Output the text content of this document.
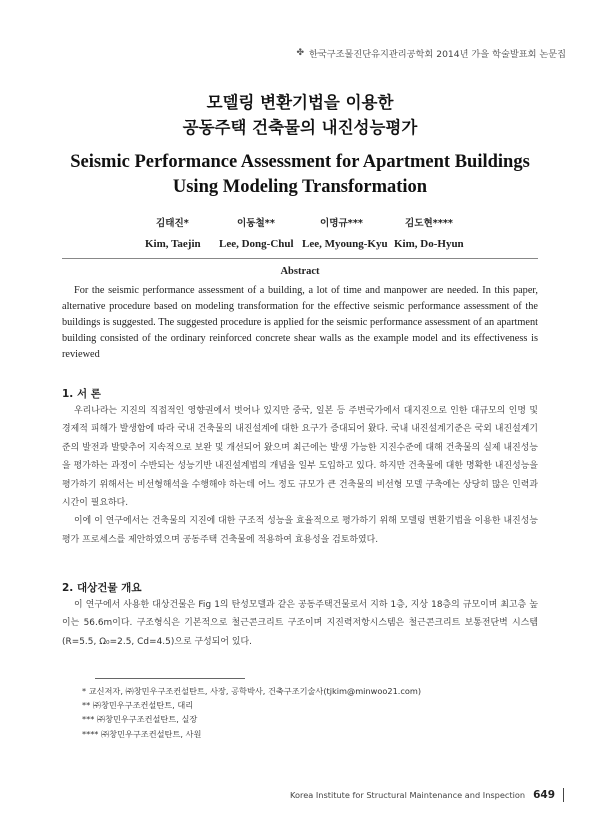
✤ 한국구조물진단유지관리공학회 2014년 가을 학술발표회 논문집
모델링 변환기법을 이용한
공동주택 건축물의 내진성능평가
Seismic Performance Assessment for Apartment Buildings
Using Modeling Transformation
김태진*	이동철**	이명규***	김도현****
Kim, Taejin Lee, Dong-Chul Lee, Myoung-Kyu Kim, Do-Hyun
Abstract
For the seismic performance assessment of a building, a lot of time and manpower are needed. In this paper, alternative procedure based on modeling transformation for the effective seismic performance assessment of the buildings is suggested. The suggested procedure is applied for the seismic performance assessment of an apartment building consisted of the ordinary reinforced concrete shear walls as the example model and its effectiveness is reviewed
1. 서 론

우리나라는 지진의 직접적인 영향권에서 벗어나 있지만 중국, 일본 등 주변국가에서 대지진으로 인한 대규모의 인명 및 경제적 피해가 발생함에 따라 국내 건축물의 내진설계에 대한 요구가 증대되어 왔다. 국내 내진설계기준은 국외 내진설계기준의 발전과 발맞추어 지속적으로 보완 및 개선되어 왔으며 최근에는 발생 가능한 지진수준에 대해 건축물의 실제 내진성능을 평가하는 과정이 수반되는 성능기반 내진설계법의 개념을 일부 도입하고 있다. 하지만 건축물에 대한 명확한 내진성능을 평가하기 위해서는 비선형해석을 수행해야 하는데 어느 정도 규모가 큰 건축물의 비선형 모델 구축에는 상당히 많은 인력과 시간이 필요하다.

이에 이 연구에서는 건축물의 지진에 대한 구조적 성능을 효율적으로 평가하기 위해 모델링 변환기법을 이용한 내진성능평가 프로세스를 제안하였으며 공동주택 건축물에 적용하여 효용성을 검토하였다.

2. 대상건물 개요

이 연구에서 사용한 대상건물은 Fig 1의 탄성모델과 같은 공동주택건물로서 지하 1층, 지상 18층의 규모이며 최고층 높이는 56.6m이다. 구조형식은 기본적으로 철근콘크리트 구조이며 지진력저항시스템은 철근콘크리트 보통전단벽 시스템(R=5.5, Ω₀=2.5, Cd=4.5)으로 구성되어 있다.

* 교신저자, ㈜창민우구조컨설탄트, 사장, 공학박사, 건축구조기술사(tjkim@minwoo21.com)
** ㈜창민우구조컨설탄트, 대리
*** ㈜창민우구조컨설탄트, 실장
**** ㈜창민우구조컨설탄트, 사원
Korea Institute for Structural Maintenance and Inspection 649
